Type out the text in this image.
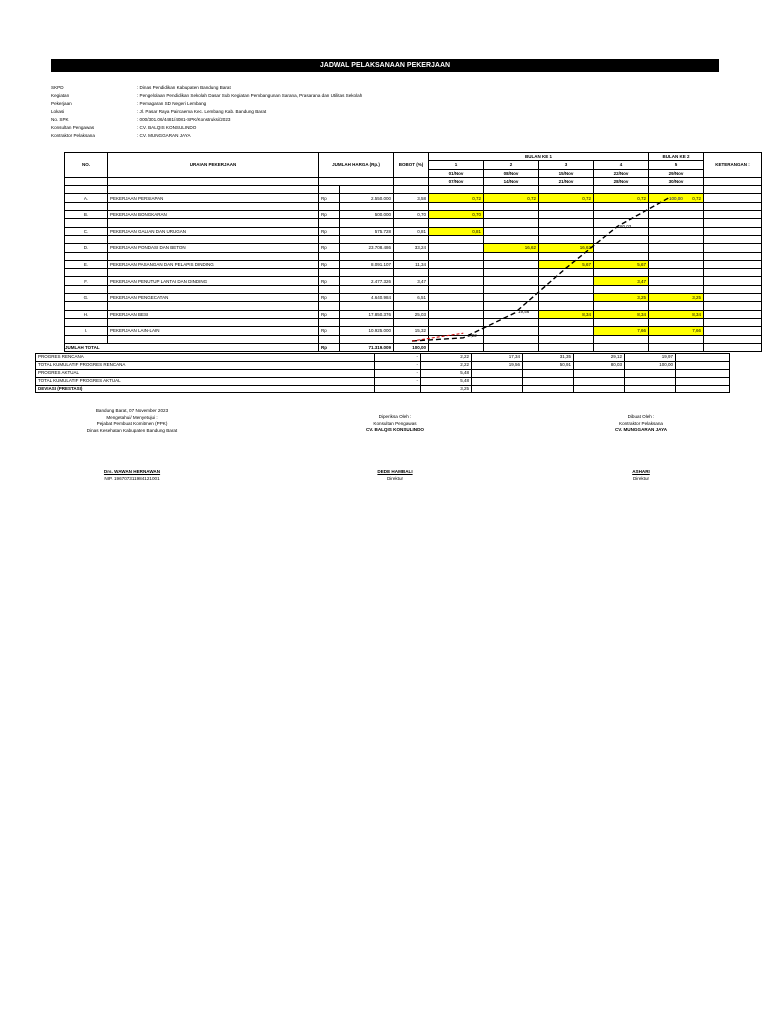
JADWAL PELAKSANAAN PEKERJAAN
SKPD	: Dinas Pendidikan Kabupaten Bandung Barat
Kegiatan	: Pengelolaan Pendidikan Sekolah Dasar Sub Kegiatan Pembangunan Sarana, Prasarana dan Utilitas Sekolah
Pekerjaan	: Pemagaran SD Negeri Lembang
Lokasi	: Jl. Pasar Raya Paircaema Kec. Lembang Kab. Bandung Barat
No. SPK	: 000/301.06/4481/4081-SPK/Konstruksi/2023
Konsultan Pengawas	: CV. BALQIS KONSULINDO
Kontraktor Pelaksana	: CV. MUNGGARAN JAYA
NO.	URAIAN PEKERJAAN	JUMLAH HARGA (Rp.)		BOBOT (%)	BULAN KE 1				BULAN KE 2	KETERANGAN :
					1	2	3	4	5	
					01/Nov	08/Nov	15/Nov	22/Nov	29/Nov	
					07/Nov	14/Nov	21/Nov	28/Nov	30/Nov	

A.	PEKERJAAN PERSIAPAN	Rp	2.550.000	3,58	0,72	0,72	0,72	0,72	0,72	

B.	PEKERJAAN BONGKARAN	Rp	500.000	0,70	0,70					

C.	PEKERJAAN GALIAN DAN URUGAN	Rp	575.728	0,81	0,81					

D.	PEKERJAAN PONDASI DAN BETON	Rp	23.708.486	33,24		16,62	16,62			

E.	PEKERJAAN PASANGAN DAN PELAPIS DINDING	Rp	8.091.107	11,34			5,67	5,67		

F.	PEKERJAAN PENUTUP LANTAI DAN DINDING	Rp	2.477.326	3,47				3,47		

G.	PEKERJAAN PENGECATAN	Rp	4.640.984	6,51				3,25	3,25	

H.	PEKERJAAN BESI	Rp	17.850.376	25,03			8,34	8,34	8,34	

I.	PEKERJAAN LAIN-LAIN	Rp	10.925.000	15,32				7,66	7,66	

JUMLAH TOTAL		Rp	71.319.009	100,00						
PROGRES RENCANA	-	2,22	17,34	31,35	29,12	19,97	
TOTAL KUMULATIF PROGRES RENCANA	-	2,22	19,56	50,91	80,03	100,00	
PROGRES AKTUAL	-	5,48					
TOTAL KUMULATIF PROGRES AKTUAL	-	5,48					
DEVIASI (PRESTASI)		3,25					
100,00
80,03
19,56
2,22
Bandung Barat, 07 November 2023
Mengetahui/ Menyetujui :
Pejabat Pembuat Komitmen (PPK)
Dinas Kesehatan Kabupaten Bandung Barat
Diperiksa Oleh :
Konsultan Pengawas
CV. BALQIS KONSULINDO
Dibuat Oleh :
Kontraktor Pelaksana
CV. MUNGGARAN JAYA
Drs. WAWAN HERNAWAN
NIP. 196707311984121001
DEDE HAMBALI
Direktur
ASHARI
Direktur
